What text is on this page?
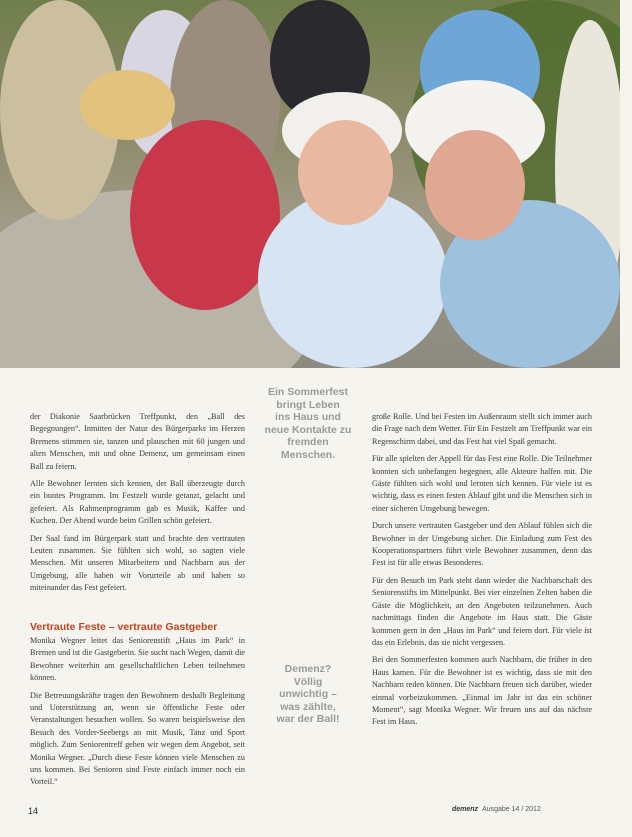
der Diakonie Saarbrücken Treffpunkt, den „Ball des Begegnungen“. Inmitten der Natur des Bürgerparks im Herzen Bremens stimmen sie, tanzen und plauschen mit 60 jungen und alten Menschen, mit und ohne Demenz, um gemeinsam einen Ball zu feiern.

Alle Bewohner lernten sich kennen, der Ball überzeugte durch ein buntes Programm. Im Festzelt wurde getanzt, gelacht und gefeiert. Als Rahmenprogramm gab es Musik, Kaffee und Kuchen. Der Abend wurde beim Grillen schön gefeiert.

Der Saal fand im Bürgerpark statt und brachte den vertrauten Leuten zusammen. Sie fühlten sich wohl, so sagten viele Menschen. Mit unseren Mitarbeitern und Nachbarn aus der Umgebung, alle haben wir Vorurteile ab und haben so miteinander das Fest gefeiert.

Vertraute Feste – vertraute Gastgeber

Monika Wegner leitet das Seniorenstift „Haus im Park“ in Bremen und ist die Gastgeberin. Sie sucht nach Wegen, damit die Bewohner weiterhin am gesellschaftlichen Leben teilnehmen können.

Die Betreuungskräfte tragen den Bewohnern deshalb Begleitung und Unterstützung an, wenn sie öffentliche Feste oder Veranstaltungen besuchen wollen. So waren beispielsweise den Besuch des Vorder-Seebergs an mit Musik, Tanz und Sport möglich. Zum Seniorentreff gehen wir wegen dem Angebot, seit Monika Wegner. „Durch diese Feste können viele Menschen zu uns kommen. Bei Senioren sind Feste einfach immer noch ein Vorteil.“

Ein Sommerfest
bringt Leben
ins Haus und
neue Kontakte zu
fremden
Menschen.
Demenz?
Völlig
unwichtig –
was zählte,
war der Ball!

große Rolle. Und bei Festen im Außenraum stellt sich immer auch die Frage nach dem Wetter. Für Ein Festzelt am Treffpunkt war ein Regenschirm dabei, und das Fest hat viel Spaß gemacht.

Für alle spielten der Appell für das Fest eine Rolle. Die Teilnehmer konnten sich unbefangen begegnen, alle Akteure halfen mit. Die Gäste fühlten sich wohl und lernten sich kennen. Für viele ist es wichtig, dass es einen festen Ablauf gibt und die Menschen sich in einer sicheren Umgebung bewegen.

Durch unsere vertrauten Gastgeber und den Ablauf fühlen sich die Bewohner in der Umgebung sicher. Die Einladung zum Fest des Kooperationspartners führt viele Bewohner zusammen, denn das Fest ist für alle etwas Besonderes.

Für den Besuch im Park steht dann wieder die Nachbarschaft des Seniorenstifts im Mittelpunkt. Bei vier einzelnen Zelten haben die Gäste die Möglichkeit, an den Angeboten teilzunehmen. Auch nachmittags finden die Angebote im Haus statt. Die Gäste kommen gern in den „Haus im Park“ und feiern dort. Für viele ist das ein Erlebnis, das sie nicht vergessen.

Bei den Sommerfesten kommen auch Nachbarn, die früher in den Haus kamen. Für die Bewohner ist es wichtig, dass sie mit den Nachbarn reden können. Die Nachbarn freuen sich darüber, wieder einmal vorbeizukommen. „Einmal im Jahr ist das ein schöner Moment“, sagt Monika Wegner. Wir freuen uns auf das nächste Fest im Haus.

14	demenz Ausgabe 14 / 2012
